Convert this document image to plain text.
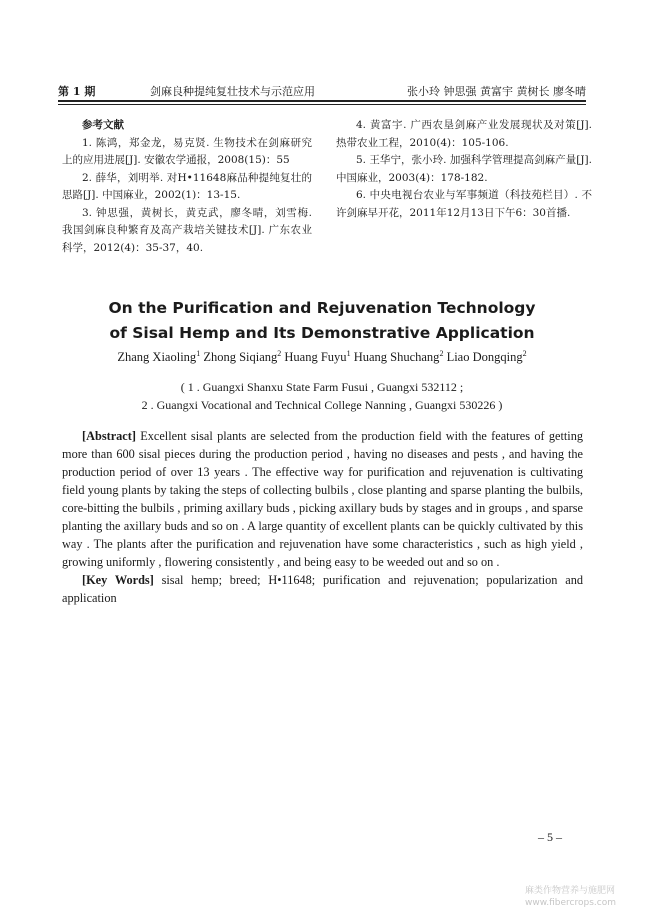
第 1 期	剑麻良种提纯复壮技术与示范应用	张小玲 钟思强 黄富宇 黄树长 廖冬晴
参考文献
1. 陈鸿，郑金龙，易克贤. 生物技术在剑麻研究上的应用进展[J]. 安徽农学通报，2008(15)：55
2. 薛华，刘明举. 对H•11648麻品种提纯复壮的思路[J]. 中国麻业，2002(1)：13-15.
3. 钟思强，黄树长，黄克武，廖冬晴，刘雪梅. 我国剑麻良种繁育及高产栽培关键技术[J]. 广东农业科学，2012(4)：35-37，40.
4. 黄富宇. 广西农垦剑麻产业发展现状及对策[J]. 热带农业工程，2010(4)：105-106.
5. 王华宁，张小玲. 加强科学管理提高剑麻产量[J]. 中国麻业，2003(4)：178-182.
6. 中央电视台农业与军事频道（科技苑栏目）. 不许剑麻早开花，2011年12月13日下午6：30首播.
On the Purification and Rejuvenation Technology
of Sisal Hemp and Its Demonstrative Application
Zhang Xiaoling$^1$ Zhong Siqiang$^2$ Huang Fuyu$^1$ Huang Shuchang$^2$ Liao Dongqing$^2$
( 1 . Guangxi Shanxu State Farm Fusui , Guangxi 532112 ;
2 . Guangxi Vocational and Technical College Nanning , Guangxi 530226 )

[Abstract] Excellent sisal plants are selected from the production field with the features of getting more than 600 sisal pieces during the production period , having no diseases and pests , and having the production period of over 13 years . The effective way for purification and rejuvenation is cultivating field young plants by taking the steps of collecting bulbils , close planting and sparse planting the bulbils, core-bitting the bulbils , priming axillary buds , picking axillary buds by stages and in groups , and sparse planting the axillary buds and so on . A large quantity of excellent plants can be quickly cultivated by this way . The plants after the purification and rejuvenation have some characteristics , such as high yield , growing uniformly , flowering consistently , and being easy to be weeded out and so on .

[Key Words] sisal hemp; breed; H•11648; purification and rejuvenation; popularization and application

– 5 –
麻类作物营养与施肥网
www.fibercrops.com
